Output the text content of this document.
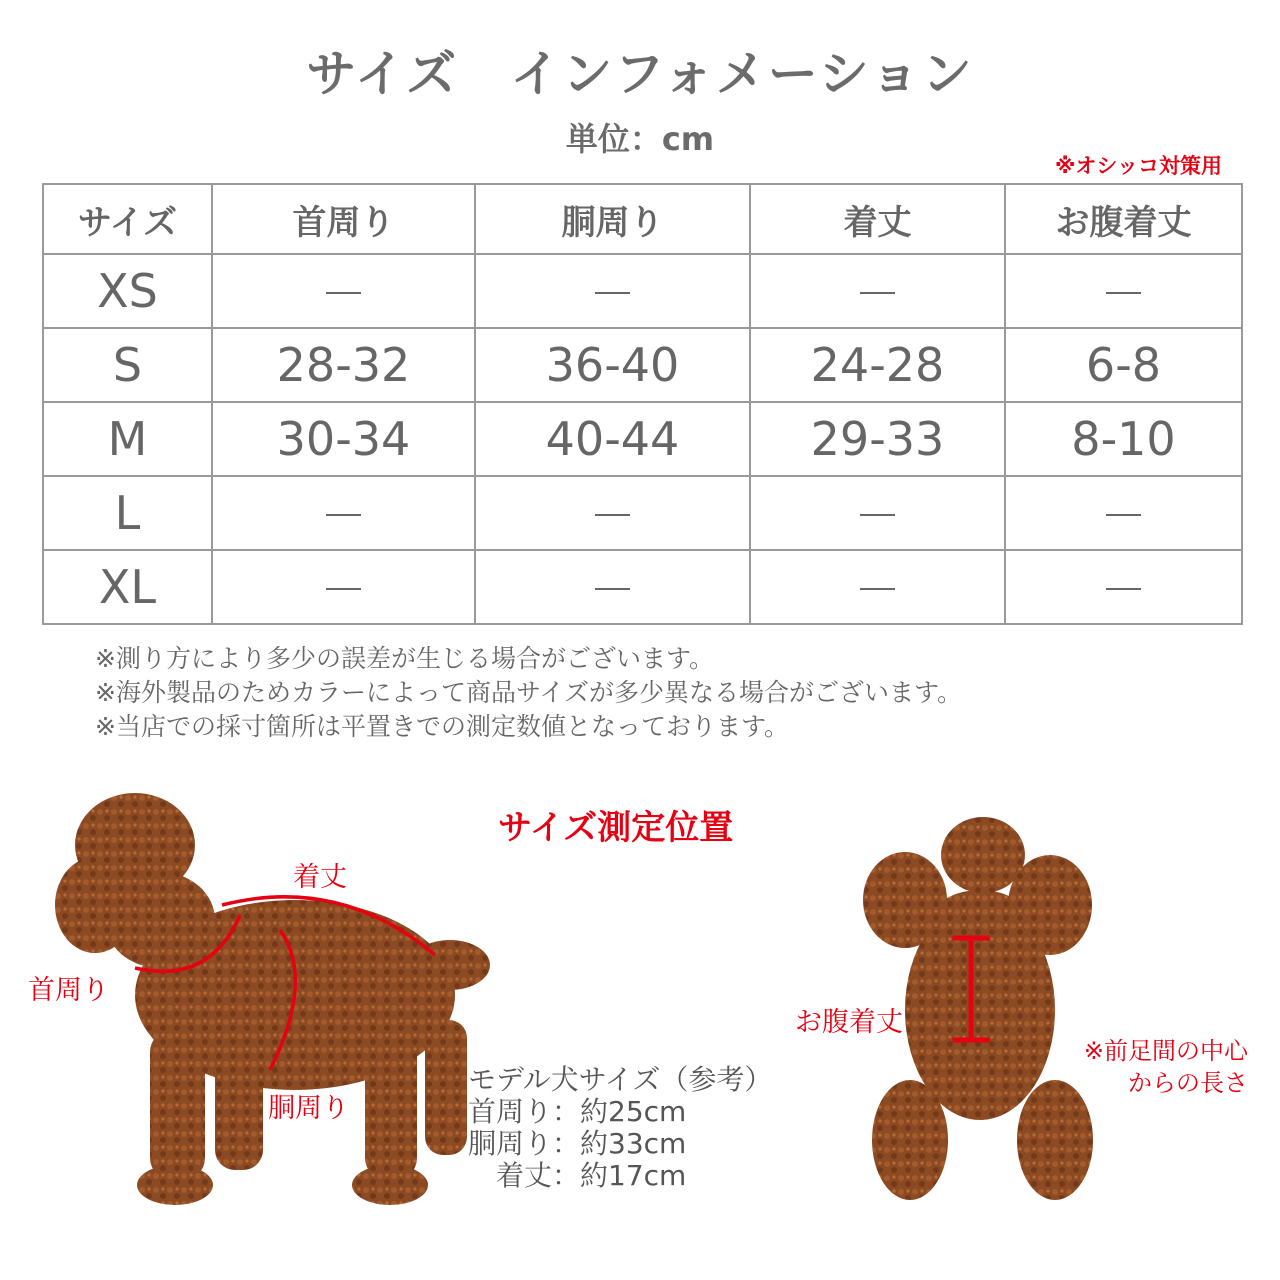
サイズ　インフォメーション
単位：cm
※オシッコ対策用
サイズ	首周り	胴周り	着丈	お腹着丈
XS	－	－	－	－
S	28-32	36-40	24-28	6-8
M	30-34	40-44	29-33	8-10
L	－	－	－	－
XL	－	－	－	－
※測り方により多少の誤差が生じる場合がございます。
※海外製品のためカラーによって商品サイズが多少異なる場合がございます。
※当店での採寸箇所は平置きでの測定数値となっております。
サイズ測定位置
着丈
首周り
胴周り
モデル犬サイズ（参考）
首周り：約25cm
胴周り：約33cm
着丈：約17cm
お腹着丈
※前足間の中心
からの長さ
